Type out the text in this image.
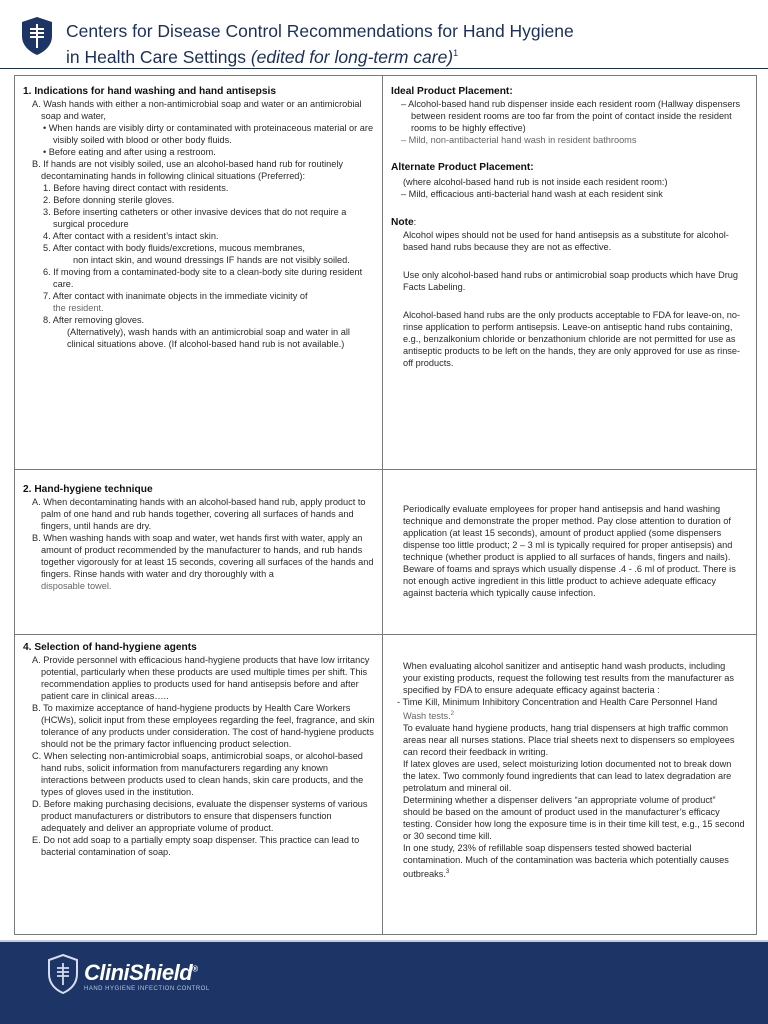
Centers for Disease Control Recommendations for Hand Hygiene
in Health Care Settings (edited for long-term care)$^1$

1. Indications for hand washing and hand antisepsis

A. Wash hands with either a non-antimicrobial soap and water or an antimicrobial soap and water,

• When hands are visibly dirty or contaminated with proteinaceous material or are visibly soiled with blood or other body fluids.

• Before eating and after using a restroom.

B. If hands are not visibly soiled, use an alcohol-based hand rub for routinely decontaminating hands in following clinical situations (Preferred):

1. Before having direct contact with residents.

2. Before donning sterile gloves.

3. Before inserting catheters or other invasive devices that do not require a surgical procedure

4. After contact with a resident’s intact skin.

5. After contact with body fluids/excretions, mucous membranes,
non intact skin, and wound dressings IF hands are not visibly soiled.

6. If moving from a contaminated-body site to a clean-body site during resident care.

7. After contact with inanimate objects in the immediate vicinity of
the resident.

8. After removing gloves.

(Alternatively), wash hands with an antimicrobial soap and water in all clinical situations above. (If alcohol-based hand rub is not available.)

Ideal Product Placement:

– Alcohol-based hand rub dispenser inside each resident room (Hallway dispensers between resident rooms are too far from the point of contact inside the resident rooms to be highly effective)

– Mild, non-antibacterial hand wash in resident bathrooms

Alternate Product Placement:

(where alcohol-based hand rub is not inside each resident room:)

– Mild, efficacious anti-bacterial hand wash at each resident sink

Note:

Alcohol wipes should not be used for hand antisepsis as a substitute for alcohol-based hand rubs because they are not as effective.

Use only alcohol-based hand rubs or antimicrobial soap products which have Drug Facts Labeling.

Alcohol-based hand rubs are the only products acceptable to FDA for leave-on, no-rinse application to perform antisepsis. Leave-on antiseptic hand rubs containing, e.g., benzalkonium chloride or benzathonium chloride are not permitted for use as antiseptic products to be left on the hands, they are only approved for use as rinse-off products.

2. Hand-hygiene technique

A. When decontaminating hands with an alcohol-based hand rub, apply product to palm of one hand and rub hands together, covering all surfaces of hands and fingers, until hands are dry.

B. When washing hands with soap and water, wet hands first with water, apply an amount of product recommended by the manufacturer to hands, and rub hands together vigorously for at least 15 seconds, covering all surfaces of the hands and fingers. Rinse hands with water and dry thoroughly with a
disposable towel.

Periodically evaluate employees for proper hand antisepsis and hand washing technique and demonstrate the proper method. Pay close attention to duration of application (at least 15 seconds), amount of product applied (some dispensers dispense too little product; 2 – 3 ml is typically required for proper antisepsis) and technique (whether product is applied to all surfaces of hands, fingers and nails).

Beware of foams and sprays which usually dispense .4 - .6 ml of product. There is not enough active ingredient in this little product to achieve adequate efficacy against bacteria which typically cause infection.

4. Selection of hand-hygiene agents

A. Provide personnel with efficacious hand-hygiene products that have low irritancy potential, particularly when these products are used multiple times per shift. This recommendation applies to products used for hand antisepsis before and after patient care in clinical areas…..

B. To maximize acceptance of hand-hygiene products by Health Care Workers (HCWs), solicit input from these employees regarding the feel, fragrance, and skin tolerance of any products under consideration. The cost of hand-hygiene products should not be the primary factor influencing product selection.

C. When selecting non-antimicrobial soaps, antimicrobial soaps, or alcohol-based hand rubs, solicit information from manufacturers regarding any known interactions between products used to clean hands, skin care products, and the types of gloves used in the institution.

D. Before making purchasing decisions, evaluate the dispenser systems of various product manufacturers or distributors to ensure that dispensers function adequately and deliver an appropriate volume of product.

E. Do not add soap to a partially empty soap dispenser. This practice can lead to bacterial contamination of soap.

When evaluating alcohol sanitizer and antiseptic hand wash products, including your existing products, request the following test results from the manufacturer as specified by FDA to ensure adequate efficacy against bacteria :

- Time Kill, Minimum Inhibitory Concentration and Health Care Personnel Hand
Wash tests.$^2$

To evaluate hand hygiene products, hang trial dispensers at high traffic common areas near all nurses stations. Place trial sheets next to dispensers so employees can record their feedback in writing.

If latex gloves are used, select moisturizing lotion documented not to break down the latex. Two commonly found ingredients that can lead to latex degradation are petrolatum and mineral oil.

Determining whether a dispenser delivers “an appropriate volume of product” should be based on the amount of product used in the manufacturer’s efficacy testing. Consider how long the exposure time is in their time kill test, e.g., 15 second or 30 second time kill.

In one study, 23% of refillable soap dispensers tested showed bacterial contamination. Much of the contamination was bacteria which potentially causes outbreaks.$^3$

CliniShield®
HAND HYGIENE INFECTION CONTROL
